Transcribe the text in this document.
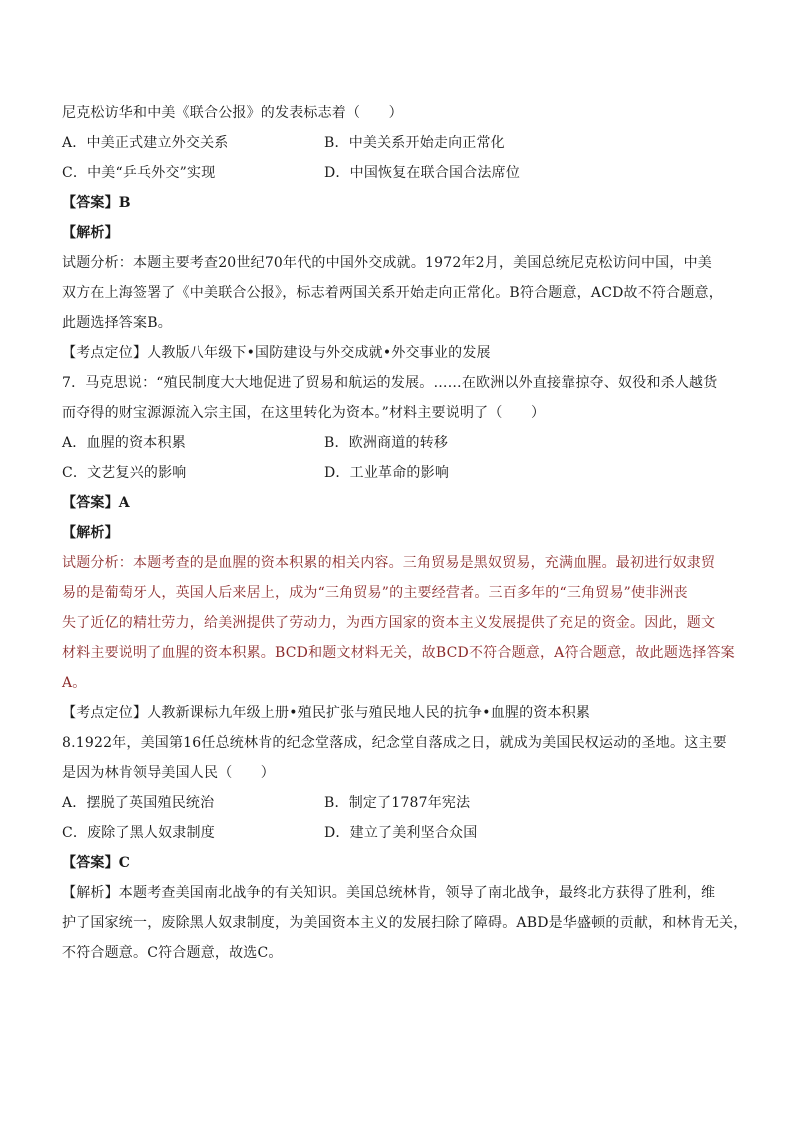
尼克松访华和中美《联合公报》的发表标志着（　　）
A．中美正式建立外交关系	B．中美关系开始走向正常化
C．中美“乒乓外交”实现	D．中国恢复在联合国合法席位
【答案】B
【解析】
试题分析：本题主要考查20世纪70年代的中国外交成就。1972年2月，美国总统尼克松访问中国，中美
双方在上海签署了《中美联合公报》，标志着两国关系开始走向正常化。B符合题意，ACD故不符合题意，
此题选择答案B。
【考点定位】人教版八年级下•国防建设与外交成就•外交事业的发展
7．马克思说：“殖民制度大大地促进了贸易和航运的发展。……在欧洲以外直接靠掠夺、奴役和杀人越货
而夺得的财宝源源流入宗主国，在这里转化为资本。”材料主要说明了（　　）
A．血腥的资本积累	B．欧洲商道的转移
C．文艺复兴的影响	D．工业革命的影响
【答案】A
【解析】
试题分析：本题考查的是血腥的资本积累的相关内容。三角贸易是黑奴贸易，充满血腥。最初进行奴隶贸
易的是葡萄牙人，英国人后来居上，成为“三角贸易”的主要经营者。三百多年的“三角贸易”使非洲丧
失了近亿的精壮劳力，给美洲提供了劳动力，为西方国家的资本主义发展提供了充足的资金。因此，题文
材料主要说明了血腥的资本积累。BCD和题文材料无关，故BCD不符合题意，A符合题意，故此题选择答案
A。
【考点定位】人教新课标九年级上册•殖民扩张与殖民地人民的抗争•血腥的资本积累
8.1922年，美国第16任总统林肯的纪念堂落成，纪念堂自落成之日，就成为美国民权运动的圣地。这主要
是因为林肯领导美国人民（　　）
A．摆脱了英国殖民统治	B．制定了1787年宪法
C．废除了黑人奴隶制度	D．建立了美利坚合众国
【答案】C
【解析】本题考查美国南北战争的有关知识。美国总统林肯，领导了南北战争，最终北方获得了胜利，维
护了国家统一，废除黑人奴隶制度，为美国资本主义的发展扫除了障碍。ABD是华盛顿的贡献，和林肯无关，
不符合题意。C符合题意，故选C。
